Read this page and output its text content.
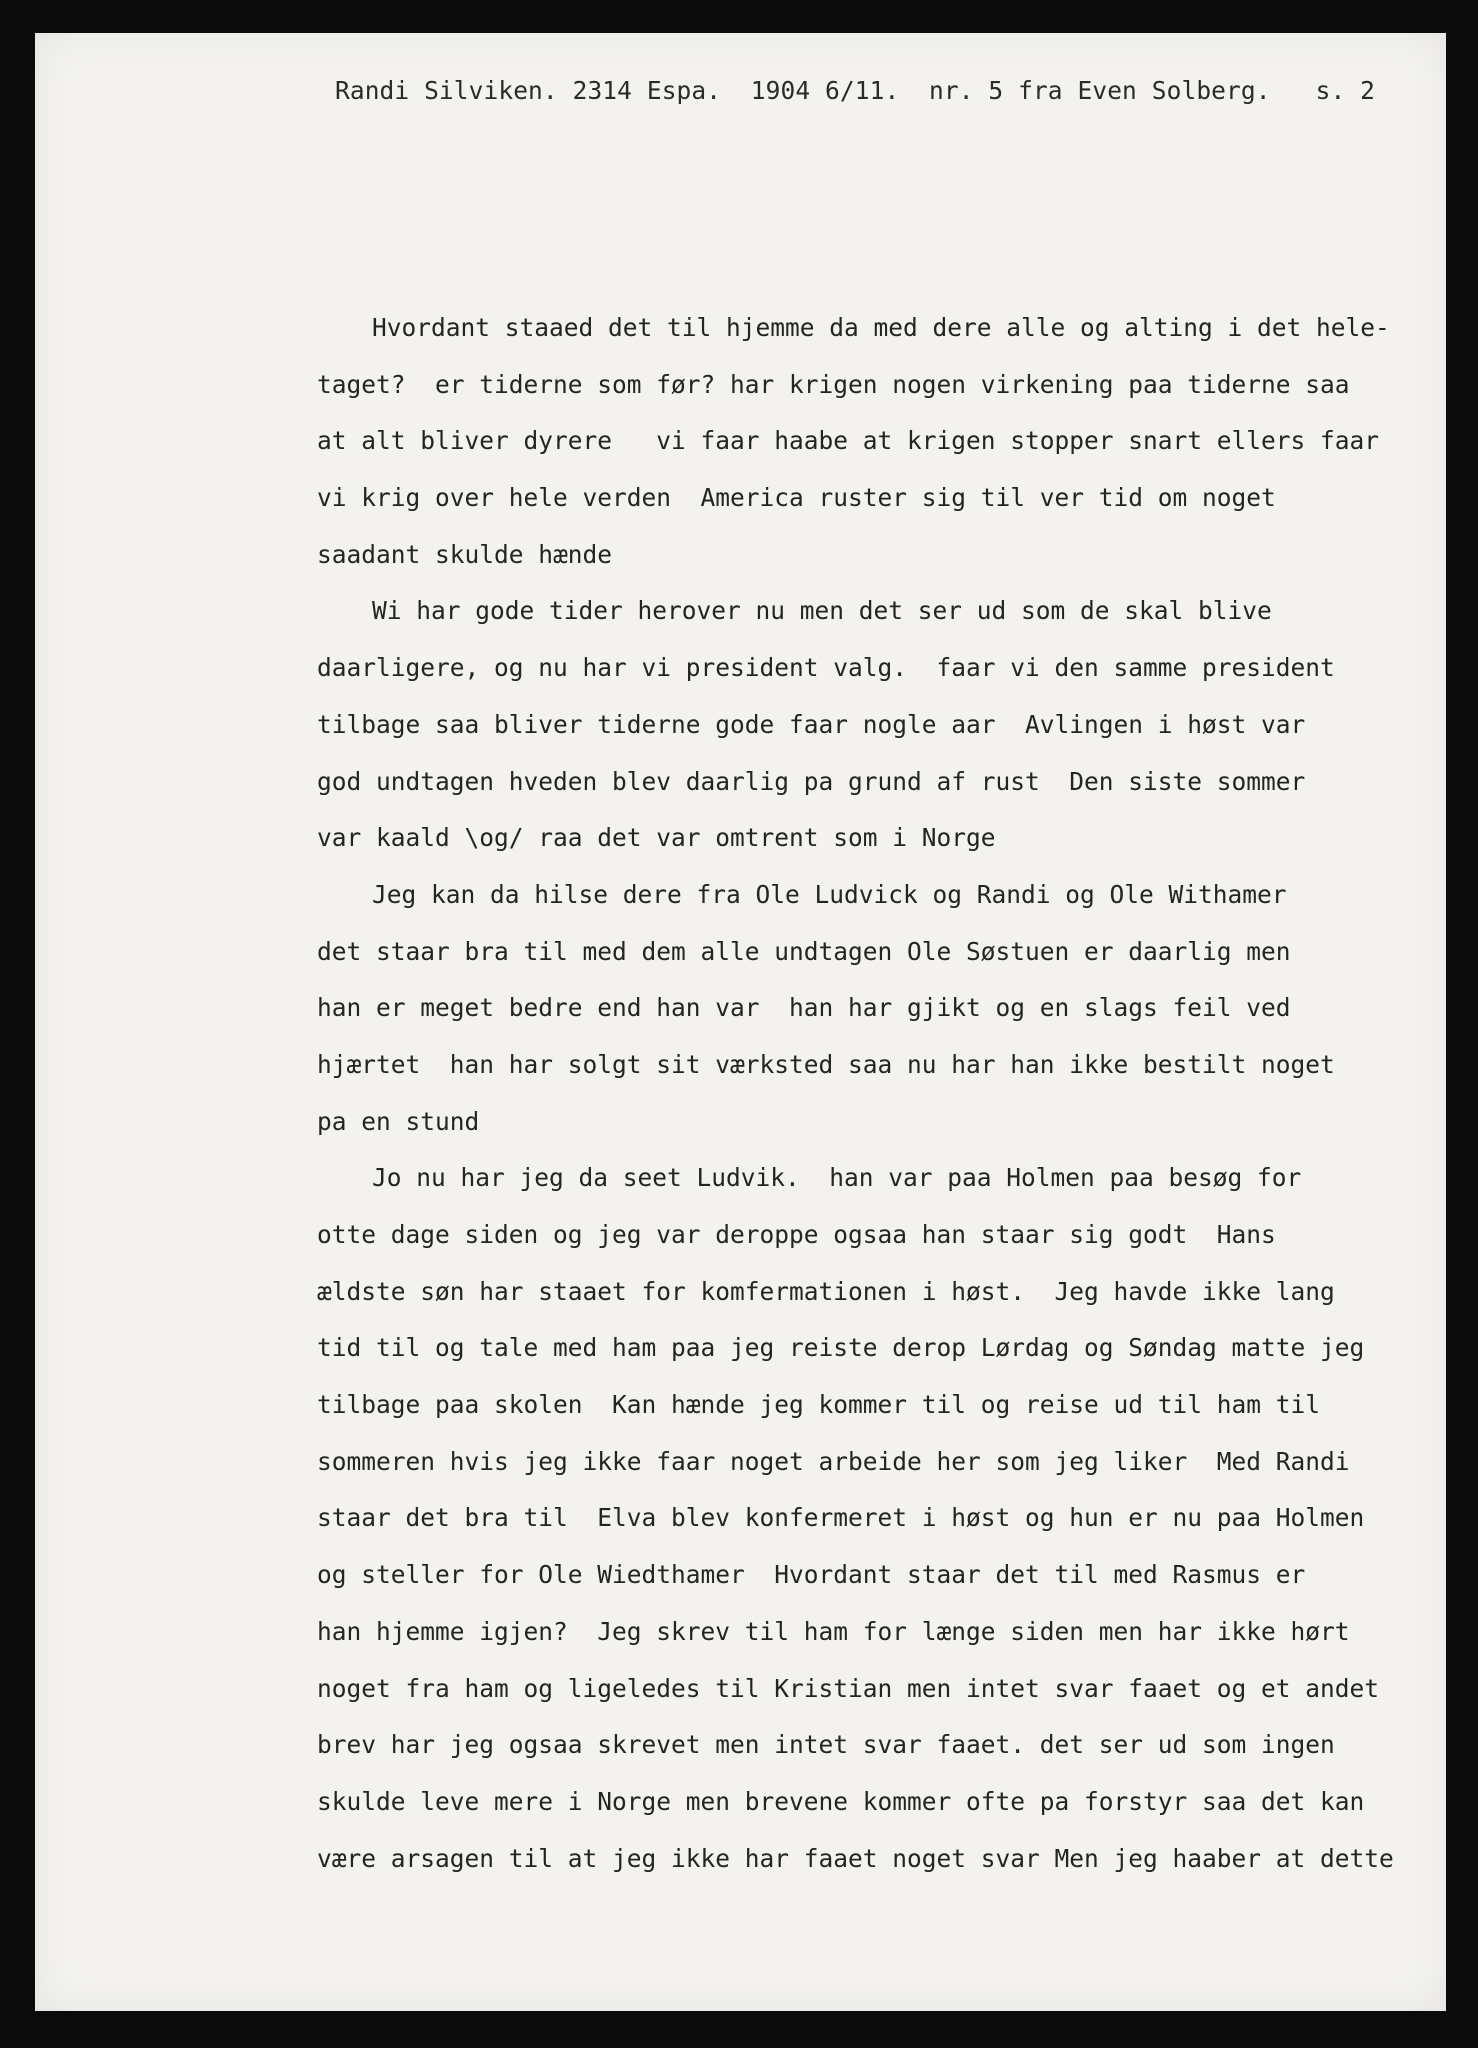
Randi Silviken. 2314 Espa.  1904 6/11.  nr. 5 fra Even Solberg. s. 2
Hvordant staaed det til hjemme da med dere alle og alting i det hele-
taget?  er tiderne som før? har krigen nogen virkening paa tiderne saa
at alt bliver dyrere   vi faar haabe at krigen stopper snart ellers faar
vi krig over hele verden  America ruster sig til ver tid om noget
saadant skulde hænde
Wi har gode tider herover nu men det ser ud som de skal blive
daarligere, og nu har vi president valg.  faar vi den samme president
tilbage saa bliver tiderne gode faar nogle aar  Avlingen i høst var
god undtagen hveden blev daarlig pa grund af rust  Den siste sommer
var kaald \og/ raa det var omtrent som i Norge
Jeg kan da hilse dere fra Ole Ludvick og Randi og Ole Withamer
det staar bra til med dem alle undtagen Ole Søstuen er daarlig men
han er meget bedre end han var  han har gjikt og en slags feil ved
hjærtet  han har solgt sit værksted saa nu har han ikke bestilt noget
pa en stund
Jo nu har jeg da seet Ludvik.  han var paa Holmen paa besøg for
otte dage siden og jeg var deroppe ogsaa han staar sig godt  Hans
ældste søn har staaet for komfermationen i høst.  Jeg havde ikke lang
tid til og tale med ham paa jeg reiste derop Lørdag og Søndag matte jeg
tilbage paa skolen  Kan hænde jeg kommer til og reise ud til ham til
sommeren hvis jeg ikke faar noget arbeide her som jeg liker  Med Randi
staar det bra til  Elva blev konfermeret i høst og hun er nu paa Holmen
og steller for Ole Wiedthamer  Hvordant staar det til med Rasmus er
han hjemme igjen?  Jeg skrev til ham for længe siden men har ikke hørt
noget fra ham og ligeledes til Kristian men intet svar faaet og et andet
brev har jeg ogsaa skrevet men intet svar faaet. det ser ud som ingen
skulde leve mere i Norge men brevene kommer ofte pa forstyr saa det kan
være arsagen til at jeg ikke har faaet noget svar Men jeg haaber at dette
